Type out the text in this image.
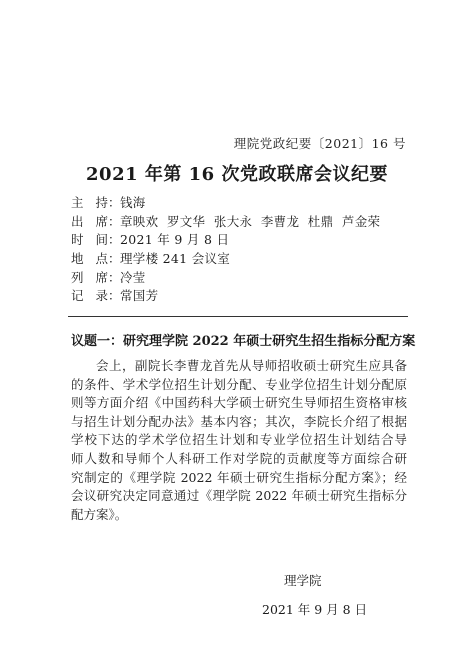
理院党政纪要〔2021〕16 号
2021 年第 16 次党政联席会议纪要
主 持 ： 钱海
出 席 ： 章映欢  罗文华  张大永  李曹龙  杜鼎  芦金荣
时 间 ： 2021 年 9 月 8 日
地 点 ： 理学楼 241 会议室
列 席 ： 冷莹
记 录 ： 常国芳
议题一：研究理学院 2022 年硕士研究生招生指标分配方案
会上，副院长李曹龙首先从导师招收硕士研究生应具备
的条件、学术学位招生计划分配、专业学位招生计划分配原
则等方面介绍《中国药科大学硕士研究生导师招生资格审核
与招生计划分配办法》基本内容；其次，李院长介绍了根据
学校下达的学术学位招生计划和专业学位招生计划结合导
师人数和导师个人科研工作对学院的贡献度等方面综合研
究制定的《理学院 2022 年硕士研究生指标分配方案》；经
会议研究决定同意通过《理学院 2022 年硕士研究生指标分
配方案》。
理学院
2021 年 9 月 8 日
